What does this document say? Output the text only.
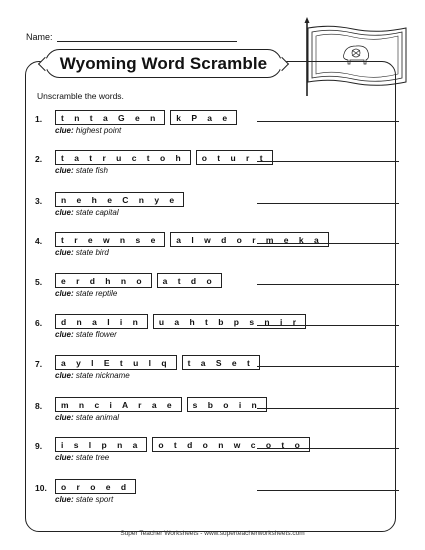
Name:
Wyoming Word Scramble
Unscramble the words.
1. t n t a G e n k P a e
clue: highest point
2. t a t r u c t o h o t u r t
clue: state fish
3. n e h e C n y e
clue: state capital
4. t r e w n s e a l w d o r m e k a
clue: state bird
5. e r d h n o a t d o
clue: state reptile
6. d n a I i n u a h t b p s n i r
clue: state flower
7. a y l E t u l q t a S e t
clue: state nickname
8. m n c i A r a e s b o i n
clue: state animal
9. i s l p n a o t d o n w c o t o
clue: state tree
10. o r o e d
clue: state sport
Super Teacher Worksheets - www.superteacherworksheets.com
